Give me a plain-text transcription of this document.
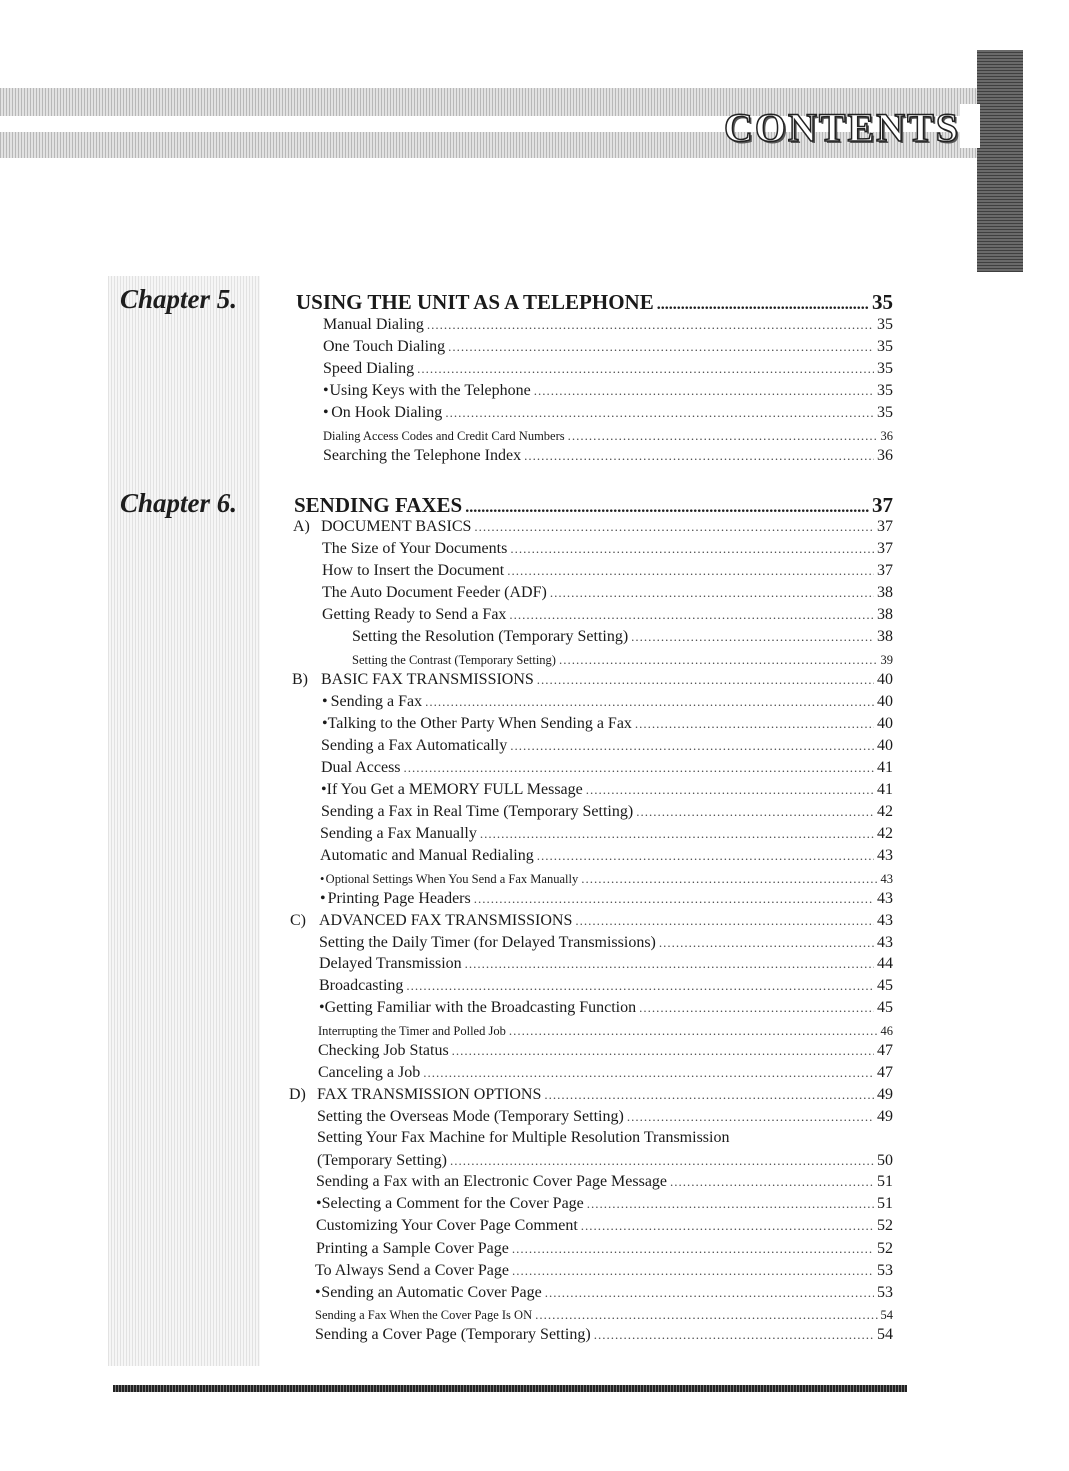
CONTENTS
Chapter 5.
Chapter 6.
USING THE UNIT AS A TELEPHONE .....	35
Manual Dialing .....	35
One Touch Dialing .....	35
Speed Dialing .....	35
• Using Keys with the Telephone .....	35
• On Hook Dialing .....	35
Dialing Access Codes and Credit Card Numbers .....	36
Searching the Telephone Index .....	36
SENDING FAXES .....	37
A) DOCUMENT BASICS .....	37
The Size of Your Documents .....	37
How to Insert the Document .....	37
The Auto Document Feeder (ADF) .....	38
Getting Ready to Send a Fax .....	38
Setting the Resolution (Temporary Setting) .....	38
Setting the Contrast (Temporary Setting) .....	39
B) BASIC FAX TRANSMISSIONS .....	40
• Sending a Fax .....	40
• Talking to the Other Party When Sending a Fax .....	40
Sending a Fax Automatically .....	40
Dual Access .....	41
• If You Get a MEMORY FULL Message .....	41
Sending a Fax in Real Time (Temporary Setting) .....	42
Sending a Fax Manually .....	42
Automatic and Manual Redialing .....	43
• Optional Settings When You Send a Fax Manually .....	43
• Printing Page Headers .....	43
C) ADVANCED FAX TRANSMISSIONS .....	43
Setting the Daily Timer (for Delayed Transmissions) .....	43
Delayed Transmission .....	44
Broadcasting .....	45
• Getting Familiar with the Broadcasting Function .....	45
Interrupting the Timer and Polled Job .....	46
Checking Job Status .....	47
Canceling a Job .....	47
D) FAX TRANSMISSION OPTIONS .....	49
Setting the Overseas Mode (Temporary Setting) .....	49
Setting Your Fax Machine for Multiple Resolution Transmission
(Temporary Setting) .....	50
Sending a Fax with an Electronic Cover Page Message .....	51
• Selecting a Comment for the Cover Page .....	51
Customizing Your Cover Page Comment .....	52
Printing a Sample Cover Page .....	52
To Always Send a Cover Page .....	53
• Sending an Automatic Cover Page .....	53
Sending a Fax When the Cover Page Is ON .....	54
Sending a Cover Page (Temporary Setting) .....	54
